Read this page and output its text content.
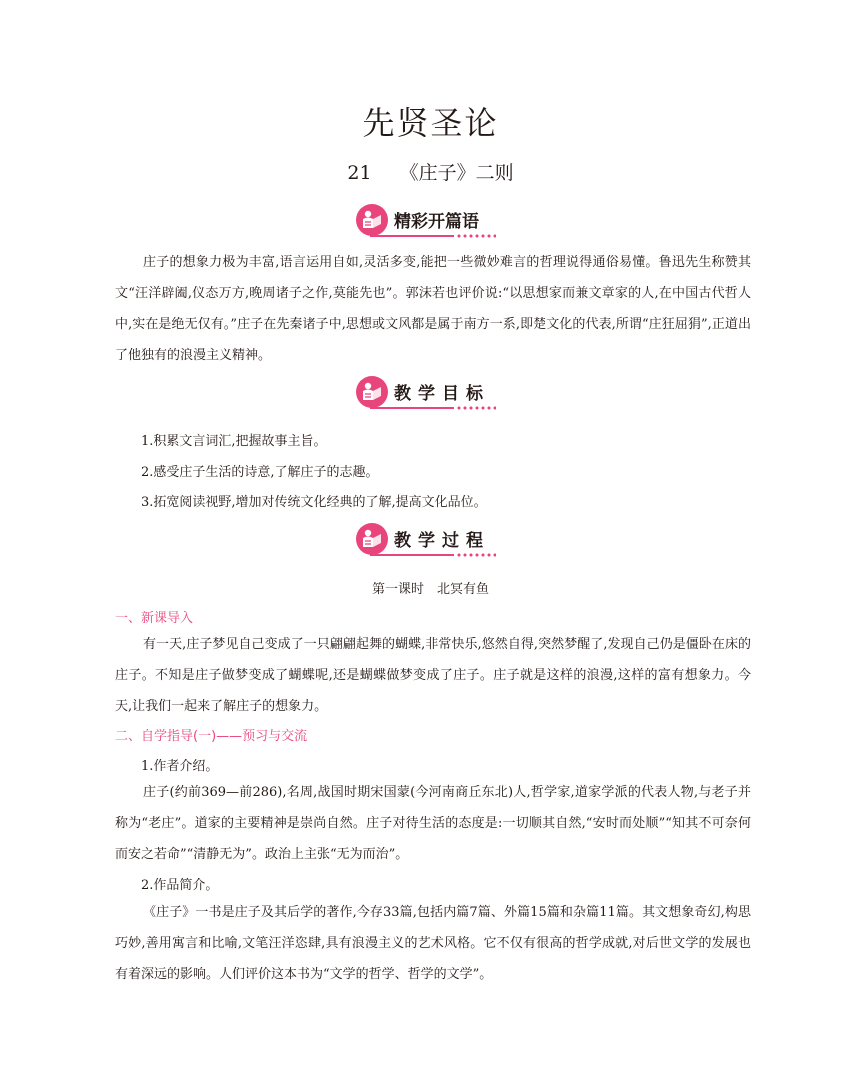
先贤圣论
21 《庄子》二则
精彩开篇语

庄子的想象力极为丰富,语言运用自如,灵活多变,能把一些微妙难言的哲理说得通俗易懂。鲁迅先生称赞其文“汪洋辟阖,仪态万方,晚周诸子之作,莫能先也”。郭沫若也评价说:“以思想家而兼文章家的人,在中国古代哲人中,实在是绝无仅有。”庄子在先秦诸子中,思想或文风都是属于南方一系,即楚文化的代表,所谓“庄狂屈狷”,正道出了他独有的浪漫主义精神。

教学目标
1.积累文言词汇,把握故事主旨。
2.感受庄子生活的诗意,了解庄子的志趣。
3.拓宽阅读视野,增加对传统文化经典的了解,提高文化品位。
教学过程
第一课时　北冥有鱼
一、新课导入

有一天,庄子梦见自己变成了一只翩翩起舞的蝴蝶,非常快乐,悠然自得,突然梦醒了,发现自己仍是僵卧在床的庄子。不知是庄子做梦变成了蝴蝶呢,还是蝴蝶做梦变成了庄子。庄子就是这样的浪漫,这样的富有想象力。今天,让我们一起来了解庄子的想象力。

二、自学指导(一)——预习与交流
1.作者介绍。

庄子(约前369—前286),名周,战国时期宋国蒙(今河南商丘东北)人,哲学家,道家学派的代表人物,与老子并称为“老庄”。道家的主要精神是崇尚自然。庄子对待生活的态度是:一切顺其自然,“安时而处顺”“知其不可奈何而安之若命”“清静无为”。政治上主张“无为而治”。

2.作品简介。

《庄子》一书是庄子及其后学的著作,今存33篇,包括内篇7篇、外篇15篇和杂篇11篇。其文想象奇幻,构思巧妙,善用寓言和比喻,文笔汪洋恣肆,具有浪漫主义的艺术风格。它不仅有很高的哲学成就,对后世文学的发展也有着深远的影响。人们评价这本书为“文学的哲学、哲学的文学”。
